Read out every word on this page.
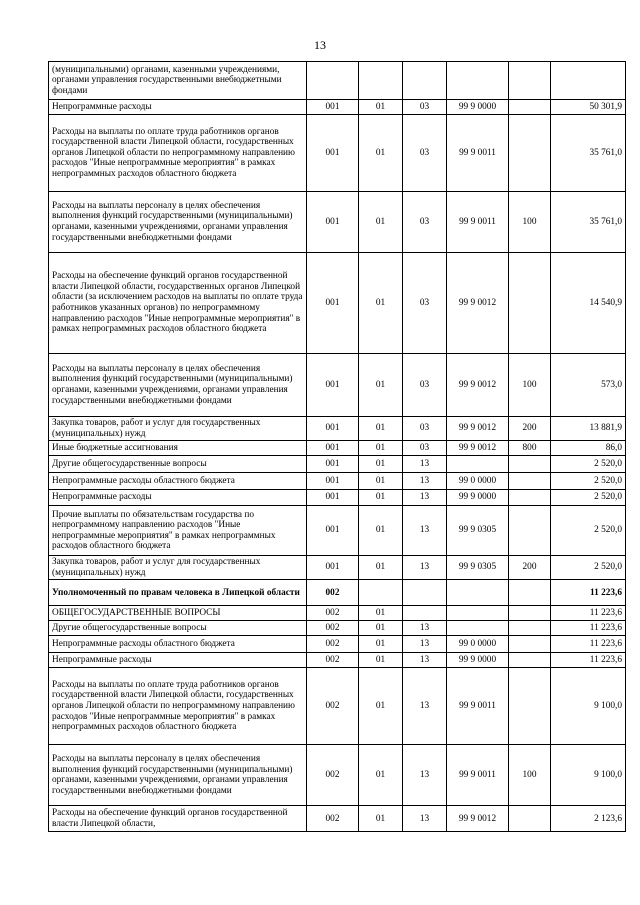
13
(муниципальными) органами, казенными учреждениями, органами управления государственными внебюджетными фондами						
Непрограммные расходы	001	01	03	99 9 0000		50 301,9
Расходы на выплаты по оплате труда работников органов государственной власти Липецкой области, государственных органов Липецкой области по непрограммному направлению расходов "Иные непрограммные мероприятия" в рамках непрограммных расходов областного бюджета	001	01	03	99 9 0011		35 761,0
Расходы на выплаты персоналу в целях обеспечения выполнения функций государственными (муниципальными) органами, казенными учреждениями, органами управления государственными внебюджетными фондами	001	01	03	99 9 0011	100	35 761,0
Расходы на обеспечение функций органов государственной власти Липецкой области, государственных органов Липецкой области (за исключением расходов на выплаты по оплате труда работников указанных органов) по непрограммному направлению расходов "Иные непрограммные мероприятия" в рамках непрограммных расходов областного бюджета	001	01	03	99 9 0012		14 540,9
Расходы на выплаты персоналу в целях обеспечения выполнения функций государственными (муниципальными) органами, казенными учреждениями, органами управления государственными внебюджетными фондами	001	01	03	99 9 0012	100	573,0
Закупка товаров, работ и услуг для государственных (муниципальных) нужд	001	01	03	99 9 0012	200	13 881,9
Иные бюджетные ассигнования	001	01	03	99 9 0012	800	86,0
Другие общегосударственные вопросы	001	01	13			2 520,0
Непрограммные расходы областного бюджета	001	01	13	99 0 0000		2 520,0
Непрограммные расходы	001	01	13	99 9 0000		2 520,0
Прочие выплаты по обязательствам государства по непрограммному направлению расходов "Иные непрограммные мероприятия" в рамках непрограммных расходов областного бюджета	001	01	13	99 9 0305		2 520,0
Закупка товаров, работ и услуг для государственных (муниципальных) нужд	001	01	13	99 9 0305	200	2 520,0
Уполномоченный по правам человека в Липецкой области	002					11 223,6
ОБЩЕГОСУДАРСТВЕННЫЕ ВОПРОСЫ	002	01				11 223,6
Другие общегосударственные вопросы	002	01	13			11 223,6
Непрограммные расходы областного бюджета	002	01	13	99 0 0000		11 223,6
Непрограммные расходы	002	01	13	99 9 0000		11 223,6
Расходы на выплаты по оплате труда работников органов государственной власти Липецкой области, государственных органов Липецкой области по непрограммному направлению расходов "Иные непрограммные мероприятия" в рамках непрограммных расходов областного бюджета	002	01	13	99 9 0011		9 100,0
Расходы на выплаты персоналу в целях обеспечения выполнения функций государственными (муниципальными) органами, казенными учреждениями, органами управления государственными внебюджетными фондами	002	01	13	99 9 0011	100	9 100,0
Расходы на обеспечение функций органов государственной власти Липецкой области,	002	01	13	99 9 0012		2 123,6
